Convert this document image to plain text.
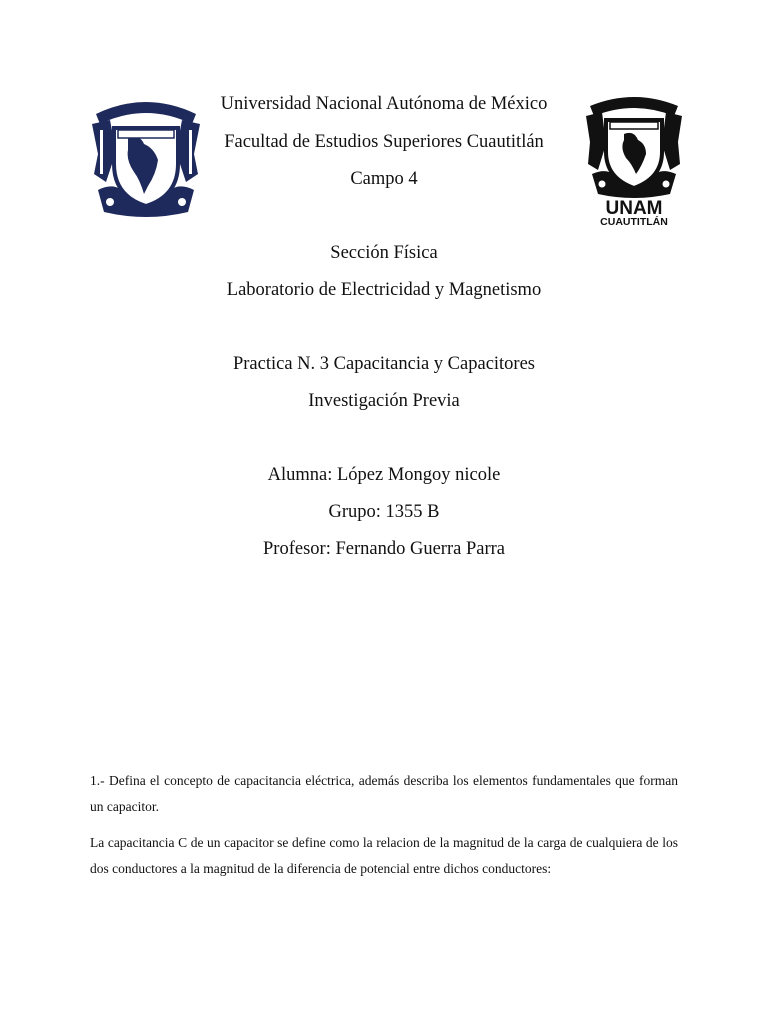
UNAM
CUAUTITLÁN
Universidad Nacional Autónoma de México
Facultad de Estudios Superiores Cuautitlán
Campo 4
Sección Física
Laboratorio de Electricidad y Magnetismo
Practica N. 3 Capacitancia y Capacitores
Investigación Previa
Alumna: López Mongoy nicole
Grupo: 1355 B
Profesor: Fernando Guerra Parra
1.- Defina el concepto de capacitancia eléctrica, además describa los elementos fundamentales que forman un capacitor.
La capacitancia C de un capacitor se define como la relacion de la magnitud de la carga de cualquiera de los dos conductores a la magnitud de la diferencia de potencial entre dichos conductores:
